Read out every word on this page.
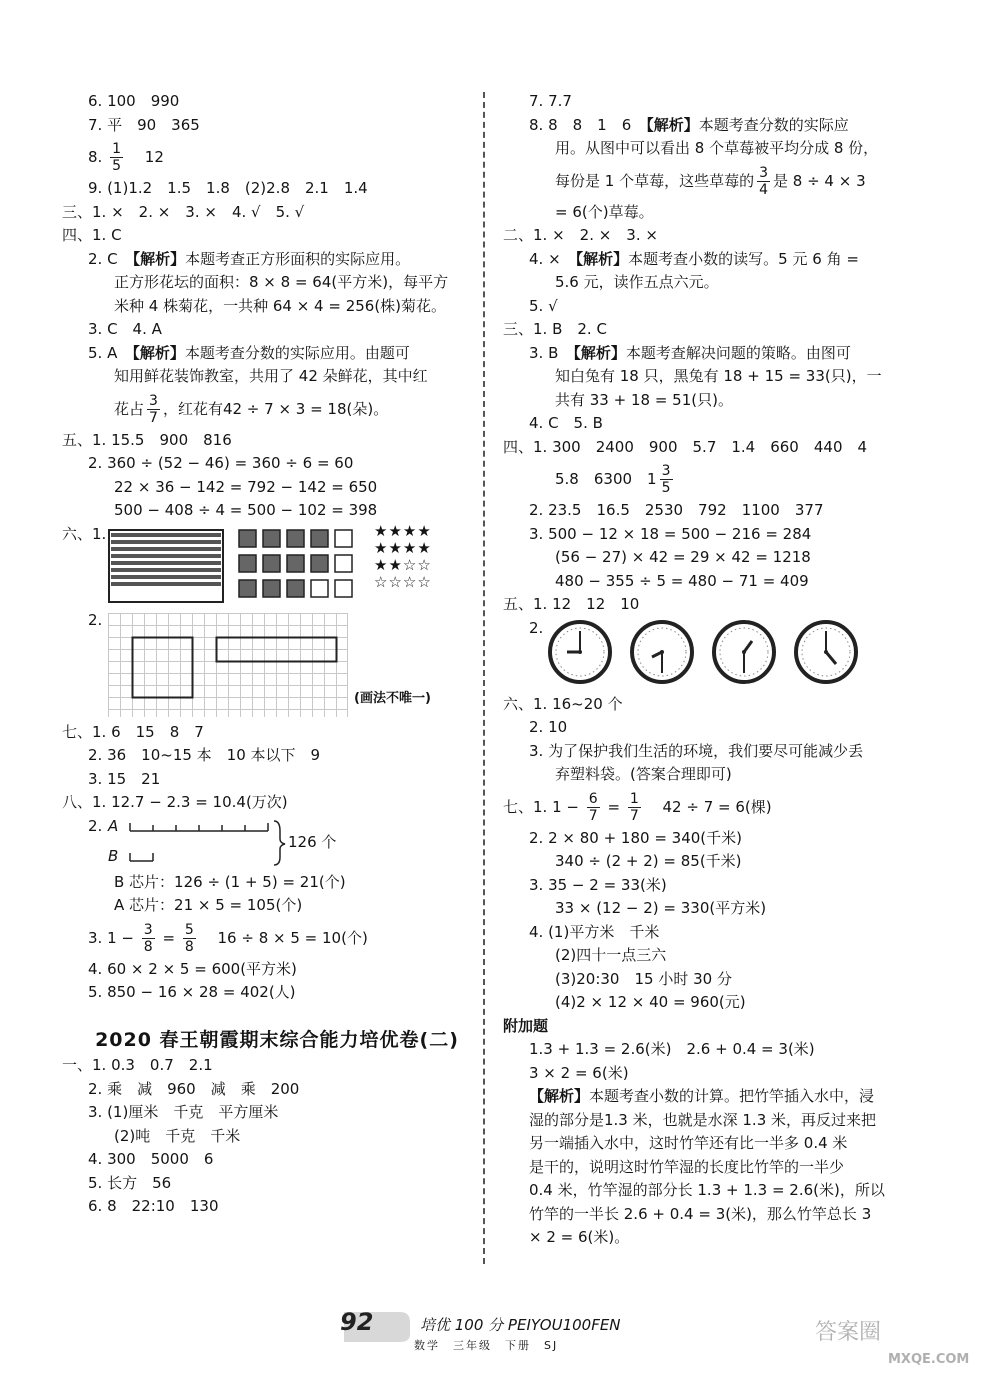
6. 100　990
7. 平　90　365
8. $\frac{1}{5} 12$
9. (1)1.2　1.5　1.8　(2)2.8　2.1　1.4
三、1. ×　2. ×　3. ×　4. √　5. √
四、1. C
2. C　【解析】本题考查正方形面积的实际应用。
正方形花坛的面积：8 × 8 = 64(平方米)，每平方
米种 4 株菊花，一共种 64 × 4 = 256(株)菊花。
3. C　4. A
5. A　【解析】本题考查分数的实际应用。由题可
知用鲜花装饰教室，共用了 42 朵鲜花，其中红
花占 $\frac{3}{7}$ ，红花有42 ÷ 7 × 3 = 18(朵)。
五、1. 15.5　900　816
2. 360 ÷ (52 − 46) = 360 ÷ 6 = 60
22 × 36 − 142 = 792 − 142 = 650
500 − 408 ÷ 4 = 500 − 102 = 398
六、1.	★★★★
★★★★
★★☆☆
☆☆☆☆
2.
(画法不唯一)
七、1. 6　15　8　7
2. 36　10~15 本　10 本以下　9
3. 15　21
八、1. 12.7 − 2.3 = 10.4(万次)
2. A
B
126 个
B 芯片：126 ÷ (1 + 5) = 21(个)
A 芯片：21 × 5 = 105(个)
3. $1 - \frac{3}{8} = \frac{5}{8} 16 \div 8 \times 5 = 10$(个)
4. 60 × 2 × 5 = 600(平方米)
5. 850 − 16 × 28 = 402(人)
2020 春王朝霞期末综合能力培优卷(二)
一、1. 0.3　0.7　2.1
2. 乘　减　960　减　乘　200
3. (1)厘米　千克　平方厘米
(2)吨　千克　千米
4. 300　5000　6
5. 长方　56
6. 8　22:10　130
7. 7.7
8. 8　8　1　6　【解析】本题考查分数的实际应
用。从图中可以看出 8 个草莓被平均分成 8 份，
每份是 1 个草莓，这些草莓的 $\frac{3}{4}$ 是 8 ÷ 4 × 3
= 6(个)草莓。
二、1. ×　2. ×　3. ×
4. ×　【解析】本题考查小数的读写。5 元 6 角 =
5.6 元，读作五点六元。
5. √
三、1. B　2. C
3. B　【解析】本题考查解决问题的策略。由图可
知白兔有 18 只，黑兔有 18 + 15 = 33(只)，一
共有 33 + 18 = 51(只)。
4. C　5. B
四、1. 300　2400　900　5.7　1.4　660　440　4
5.8　6300　$1 \frac{3}{5}$
2. 23.5　16.5　2530　792　1100　377
3. 500 − 12 × 18 = 500 − 216 = 284
(56 − 27) × 42 = 29 × 42 = 1218
480 − 355 ÷ 5 = 480 − 71 = 409
五、1. 12　12　10
2.
六、1. 16~20 个
2. 10
3. 为了保护我们生活的环境，我们要尽可能减少丢
弃塑料袋。(答案合理即可)
七、1. $1 - \frac{6}{7} = \frac{1}{7} 42 \div 7 = 6$(棵)
2. 2 × 80 + 180 = 340(千米)
340 ÷ (2 + 2) = 85(千米)
3. 35 − 2 = 33(米)
33 × (12 − 2) = 330(平方米)
4. (1)平方米　千米
(2)四十一点三六
(3)20:30　15 小时 30 分
(4)2 × 12 × 40 = 960(元)
附加题
1.3 + 1.3 = 2.6(米)　2.6 + 0.4 = 3(米)
3 × 2 = 6(米)
【解析】本题考查小数的计算。把竹竿插入水中，浸
湿的部分是1.3 米，也就是水深 1.3 米，再反过来把
另一端插入水中，这时竹竿还有比一半多 0.4 米
是干的，说明这时竹竿湿的长度比竹竿的一半少
0.4 米，竹竿湿的部分长 1.3 + 1.3 = 2.6(米)，所以
竹竿的一半长 2.6 + 0.4 = 3(米)，那么竹竿总长 3
× 2 = 6(米)。
92	培优 100 分 PEIYOU100FEN
数学　三年级　下册　SJ
答案圈
MXQE.COM
